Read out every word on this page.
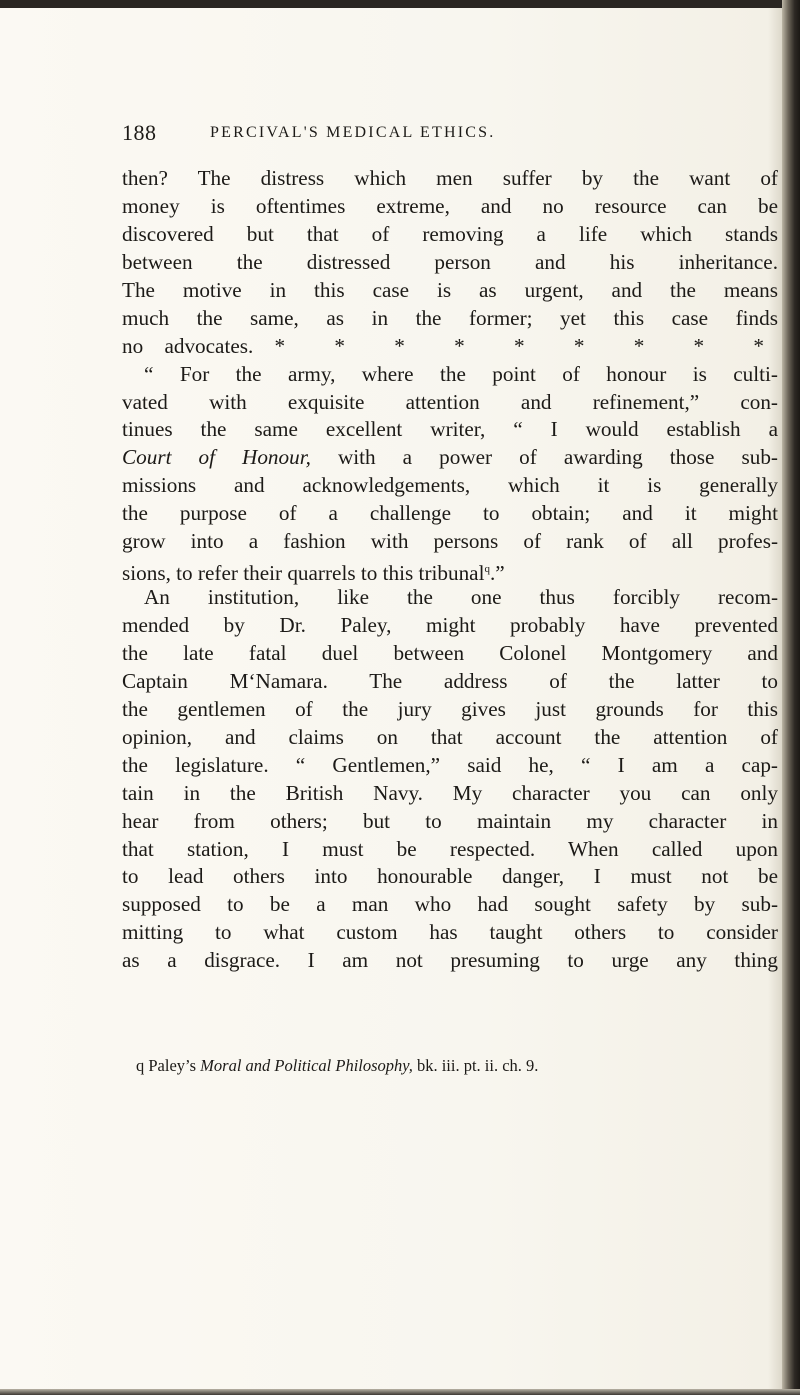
188	PERCIVAL'S MEDICAL ETHICS.
then? The distress which men suffer by the want of
money is oftentimes extreme, and no resource can be
discovered but that of removing a life which stands
between the distressed person and his inheritance.
The motive in this case is as urgent, and the means
much the same, as in the former; yet this case finds
no advocates. * * * * * * * * *
“ For the army, where the point of honour is culti-
vated with exquisite attention and refinement,” con-
tinues the same excellent writer, “ I would establish a
Court of Honour, with a power of awarding those sub-
missions and acknowledgements, which it is generally
the purpose of a challenge to obtain; and it might
grow into a fashion with persons of rank of all profes-
sions, to refer their quarrels to this tribunal$^q$.”
An institution, like the one thus forcibly recom-
mended by Dr. Paley, might probably have prevented
the late fatal duel between Colonel Montgomery and
Captain M‘Namara. The address of the latter to
the gentlemen of the jury gives just grounds for this
opinion, and claims on that account the attention of
the legislature. “ Gentlemen,” said he, “ I am a cap-
tain in the British Navy. My character you can only
hear from others; but to maintain my character in
that station, I must be respected. When called upon
to lead others into honourable danger, I must not be
supposed to be a man who had sought safety by sub-
mitting to what custom has taught others to consider
as a disgrace. I am not presuming to urge any thing
q Paley’s Moral and Political Philosophy, bk. iii. pt. ii. ch. 9.
